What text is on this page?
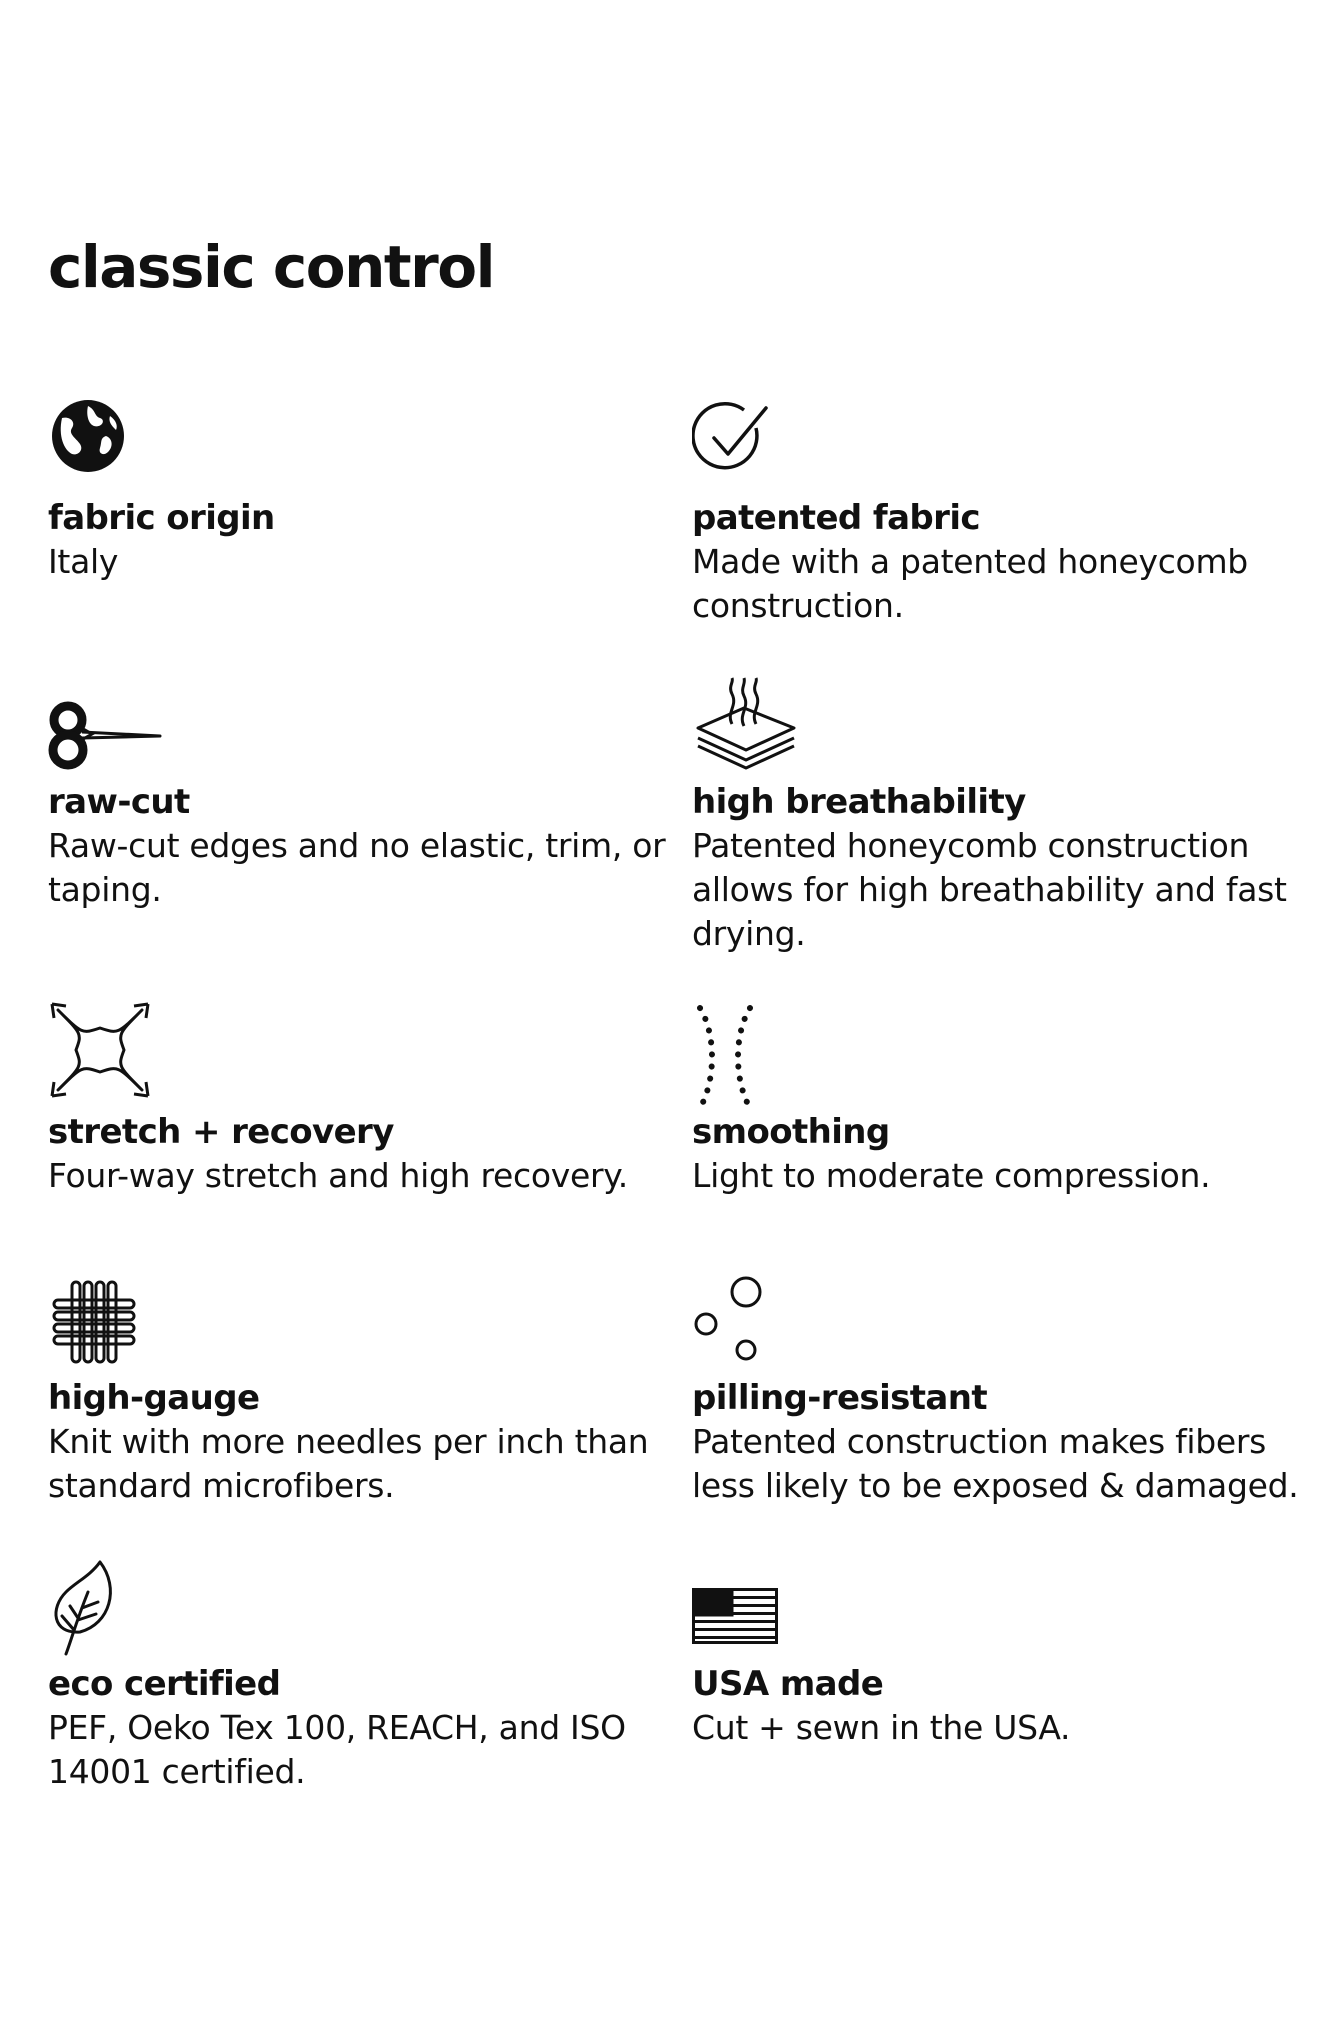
classic control
fabric origin
Italy
patented fabric
Made with a patented honeycomb construction.
raw-cut
Raw-cut edges and no elastic, trim, or taping.
high breathability
Patented honeycomb construction allows for high breathability and fast drying.
stretch + recovery
Four-way stretch and high recovery.
smoothing
Light to moderate compression.
high-gauge
Knit with more needles per inch than standard microfibers.
pilling-resistant
Patented construction makes fibers less likely to be exposed & damaged.
eco certified
PEF, Oeko Tex 100, REACH, and ISO 14001 certified.
USA made
Cut + sewn in the USA.
